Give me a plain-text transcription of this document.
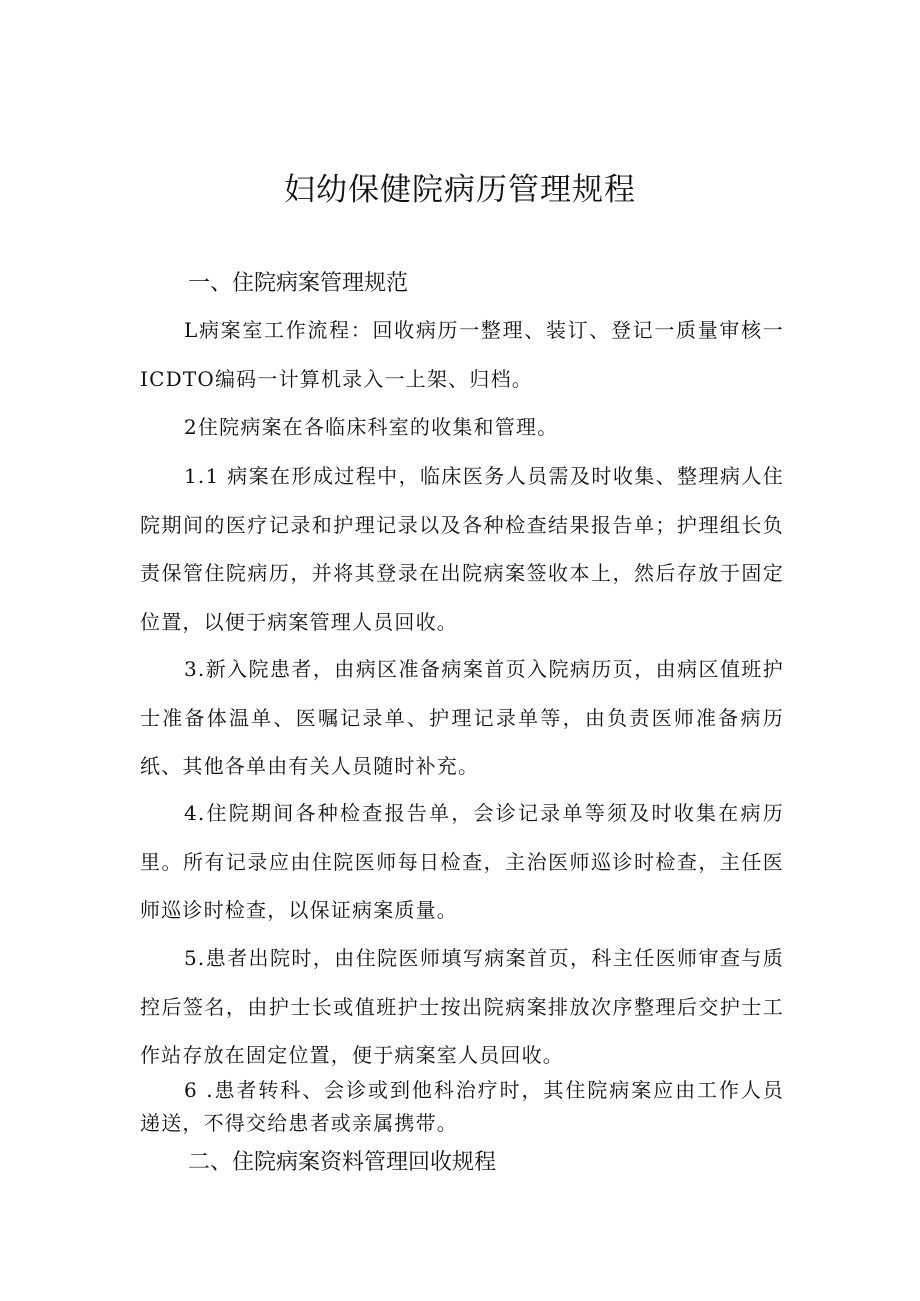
妇幼保健院病历管理规程
一、住院病案管理规范

L病案室工作流程：回收病历一整理、装订、登记一质量审核一ICDTO编码一计算机录入一上架、归档。

2住院病案在各临床科室的收集和管理。

1.1 病案在形成过程中，临床医务人员需及时收集、整理病人住院期间的医疗记录和护理记录以及各种检查结果报告单；护理组长负责保管住院病历，并将其登录在出院病案签收本上，然后存放于固定位置，以便于病案管理人员回收。

3.新入院患者，由病区准备病案首页入院病历页，由病区值班护士准备体温单、医嘱记录单、护理记录单等，由负责医师准备病历纸、其他各单由有关人员随时补充。

4.住院期间各种检查报告单，会诊记录单等须及时收集在病历里。所有记录应由住院医师每日检查，主治医师巡诊时检查，主任医师巡诊时检查，以保证病案质量。

5.患者出院时，由住院医师填写病案首页，科主任医师审查与质控后签名，由护士长或值班护士按出院病案排放次序整理后交护士工作站存放在固定位置，便于病案室人员回收。

6 .患者转科、会诊或到他科治疗时，其住院病案应由工作人员递送，不得交给患者或亲属携带。

二、住院病案资料管理回收规程
